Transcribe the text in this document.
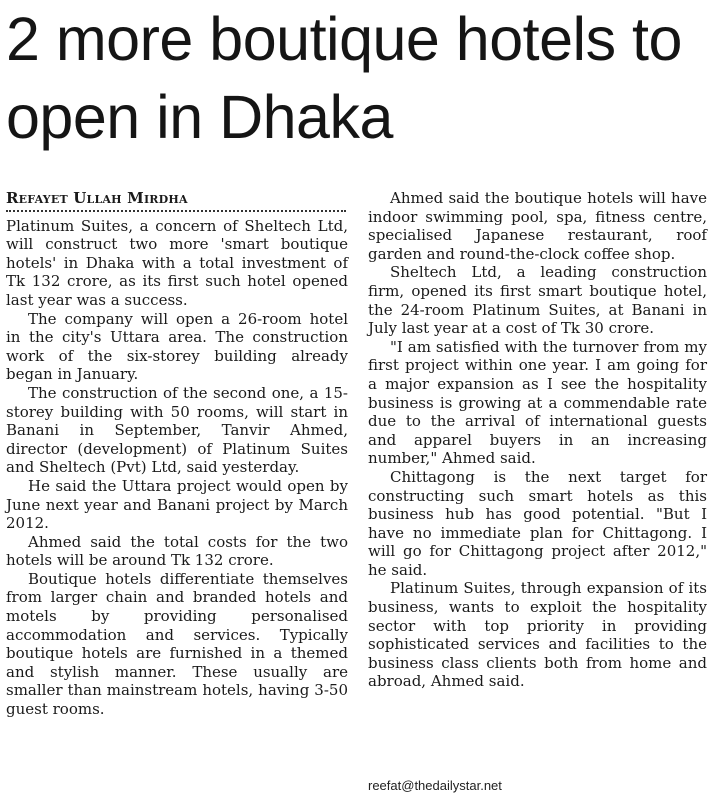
2 more boutique hotels to open in Dhaka
Refayet Ullah Mirdha

Platinum Suites, a concern of Sheltech Ltd, will construct two more 'smart boutique hotels' in Dhaka with a total investment of Tk 132 crore, as its first such hotel opened last year was a success.

The company will open a 26-room hotel in the city's Uttara area. The construction work of the six-storey building already began in January.

The construction of the second one, a 15-storey building with 50 rooms, will start in Banani in September, Tanvir Ahmed, director (development) of Platinum Suites and Sheltech (Pvt) Ltd, said yesterday.

He said the Uttara project would open by June next year and Banani project by March 2012.

Ahmed said the total costs for the two hotels will be around Tk 132 crore.

Boutique hotels differentiate themselves from larger chain and branded hotels and motels by providing personalised accommodation and services. Typically boutique hotels are furnished in a themed and stylish manner. These usually are smaller than mainstream hotels, having 3-50 guest rooms.

Ahmed said the boutique hotels will have indoor swimming pool, spa, fitness centre, specialised Japanese restaurant, roof garden and round-the-clock coffee shop.

Sheltech Ltd, a leading construction firm, opened its first smart boutique hotel, the 24-room Platinum Suites, at Banani in July last year at a cost of Tk 30 crore.

"I am satisfied with the turnover from my first project within one year. I am going for a major expansion as I see the hospitality business is growing at a commendable rate due to the arrival of international guests and apparel buyers in an increasing number," Ahmed said.

Chittagong is the next target for constructing such smart hotels as this business hub has good potential. "But I have no immediate plan for Chittagong. I will go for Chittagong project after 2012," he said.

Platinum Suites, through expansion of its business, wants to exploit the hospitality sector with top priority in providing sophisticated services and facilities to the business class clients both from home and abroad, Ahmed said.

reefat@thedailystar.net
